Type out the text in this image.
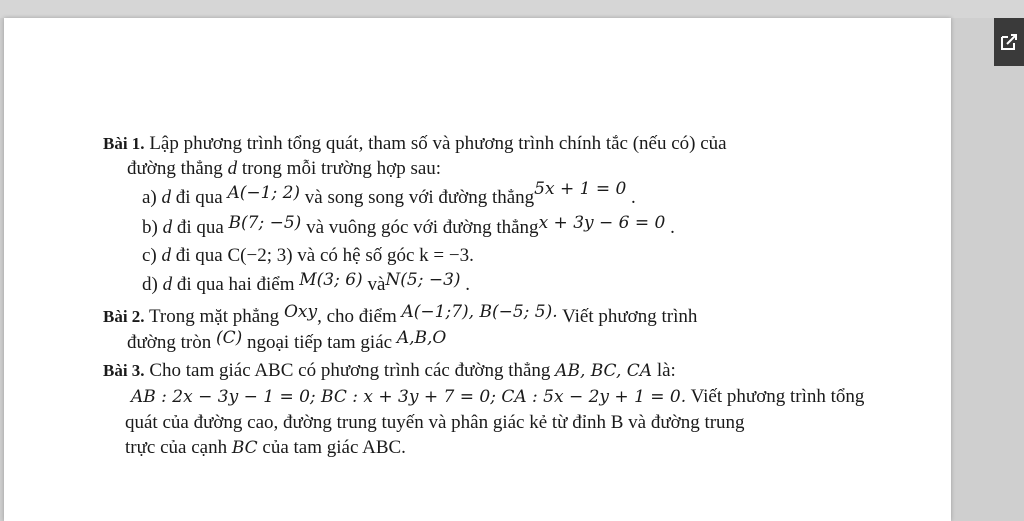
Bài 1. Lập phương trình tổng quát, tham số và phương trình chính tắc (nếu có) của
đường thẳng d trong mỗi trường hợp sau:
a) d đi qua A(−1; 2) và song song với đường thẳng5x + 1 = 0 .
b) d đi qua B(7; −5) và vuông góc với đường thẳngx + 3y − 6 = 0 .
c) d đi qua C(−2; 3) và có hệ số góc k = −3.
d) d đi qua hai điểm M(3; 6) vàN(5; −3) .
Bài 2. Trong mặt phẳng Oxy, cho điểm A(−1;7), B(−5; 5). Viết phương trình
đường tròn (C) ngoại tiếp tam giác A,B,O
Bài 3. Cho tam giác ABC có phương trình các đường thẳng AB, BC, CA là:
AB : 2x − 3y − 1 = 0; BC : x + 3y + 7 = 0; CA : 5x − 2y + 1 = 0. Viết phương trình tổng
quát của đường cao, đường trung tuyến và phân giác kẻ từ đỉnh B và đường trung
trực của cạnh BC của tam giác ABC.
